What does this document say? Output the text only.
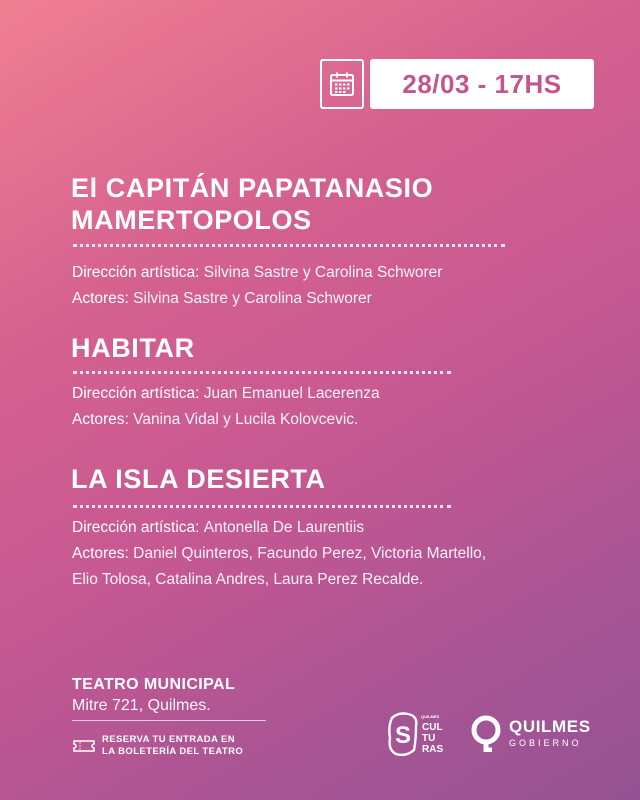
28/03 - 17HS
El CAPITÁN PAPATANASIO
MAMERTOPOLOS
Dirección artística: Silvina Sastre y Carolina Schworer
Actores: Silvina Sastre y Carolina Schworer
HABITAR
Dirección artística: Juan Emanuel Lacerenza
Actores: Vanina Vidal y Lucila Kolovcevic.
LA ISLA DESIERTA
Dirección artística: Antonella De Laurentiis
Actores: Daniel Quinteros, Facundo Perez, Victoria Martello,
Elio Tolosa, Catalina Andres, Laura Perez Recalde.
TEATRO MUNICIPAL
Mitre 721, Quilmes.
RESERVA TU ENTRADA EN
LA BOLETERÍA DEL TEATRO
S
QUILMES
CUL
TU
RAS
QUILMES
GOBIERNO
